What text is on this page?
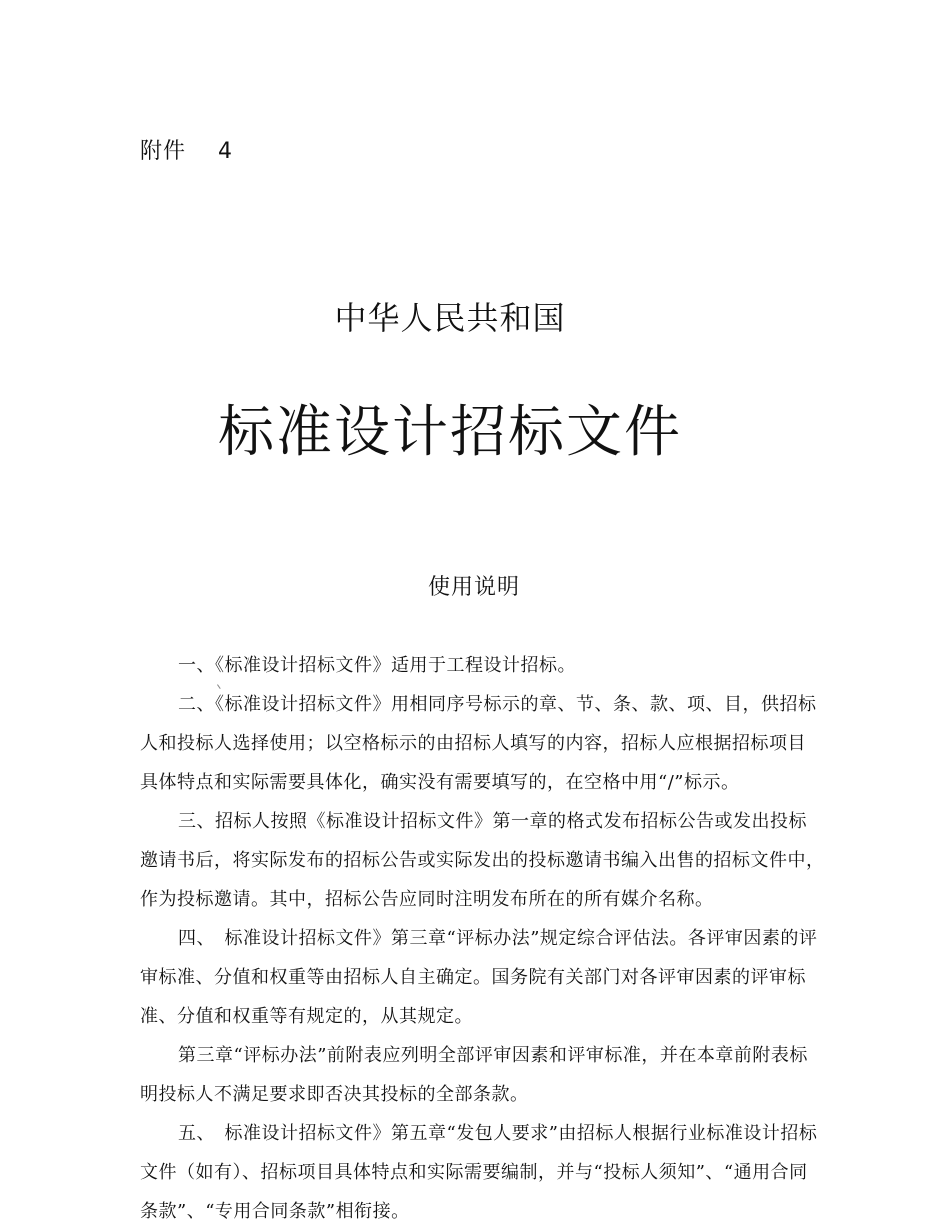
附件    4
中华人民共和国
标准设计招标文件
使用说明
一、《标准设计招标文件》适用于工程设计招标。
二、《标准设计招标文件》用相同序号标示的章、节、条、款、项、目，供招标
人和投标人选择使用；以空格标示的由招标人填写的内容，招标人应根据招标项目
具体特点和实际需要具体化，确实没有需要填写的，在空格中用“/”标示。
三、招标人按照《标准设计招标文件》第一章的格式发布招标公告或发出投标
邀请书后，将实际发布的招标公告或实际发出的投标邀请书编入出售的招标文件中，
作为投标邀请。其中，招标公告应同时注明发布所在的所有媒介名称。
四、　标准设计招标文件》第三章“评标办法”规定综合评估法。各评审因素的评
审标准、分值和权重等由招标人自主确定。国务院有关部门对各评审因素的评审标
准、分值和权重等有规定的，从其规定。
第三章“评标办法”前附表应列明全部评审因素和评审标准，并在本章前附表标
明投标人不满足要求即否决其投标的全部条款。
五、　标准设计招标文件》第五章“发包人要求”由招标人根据行业标准设计招标
文件（如有）、招标项目具体特点和实际需要编制，并与“投标人须知”、“通用合同
条款”、“专用合同条款”相衔接。
